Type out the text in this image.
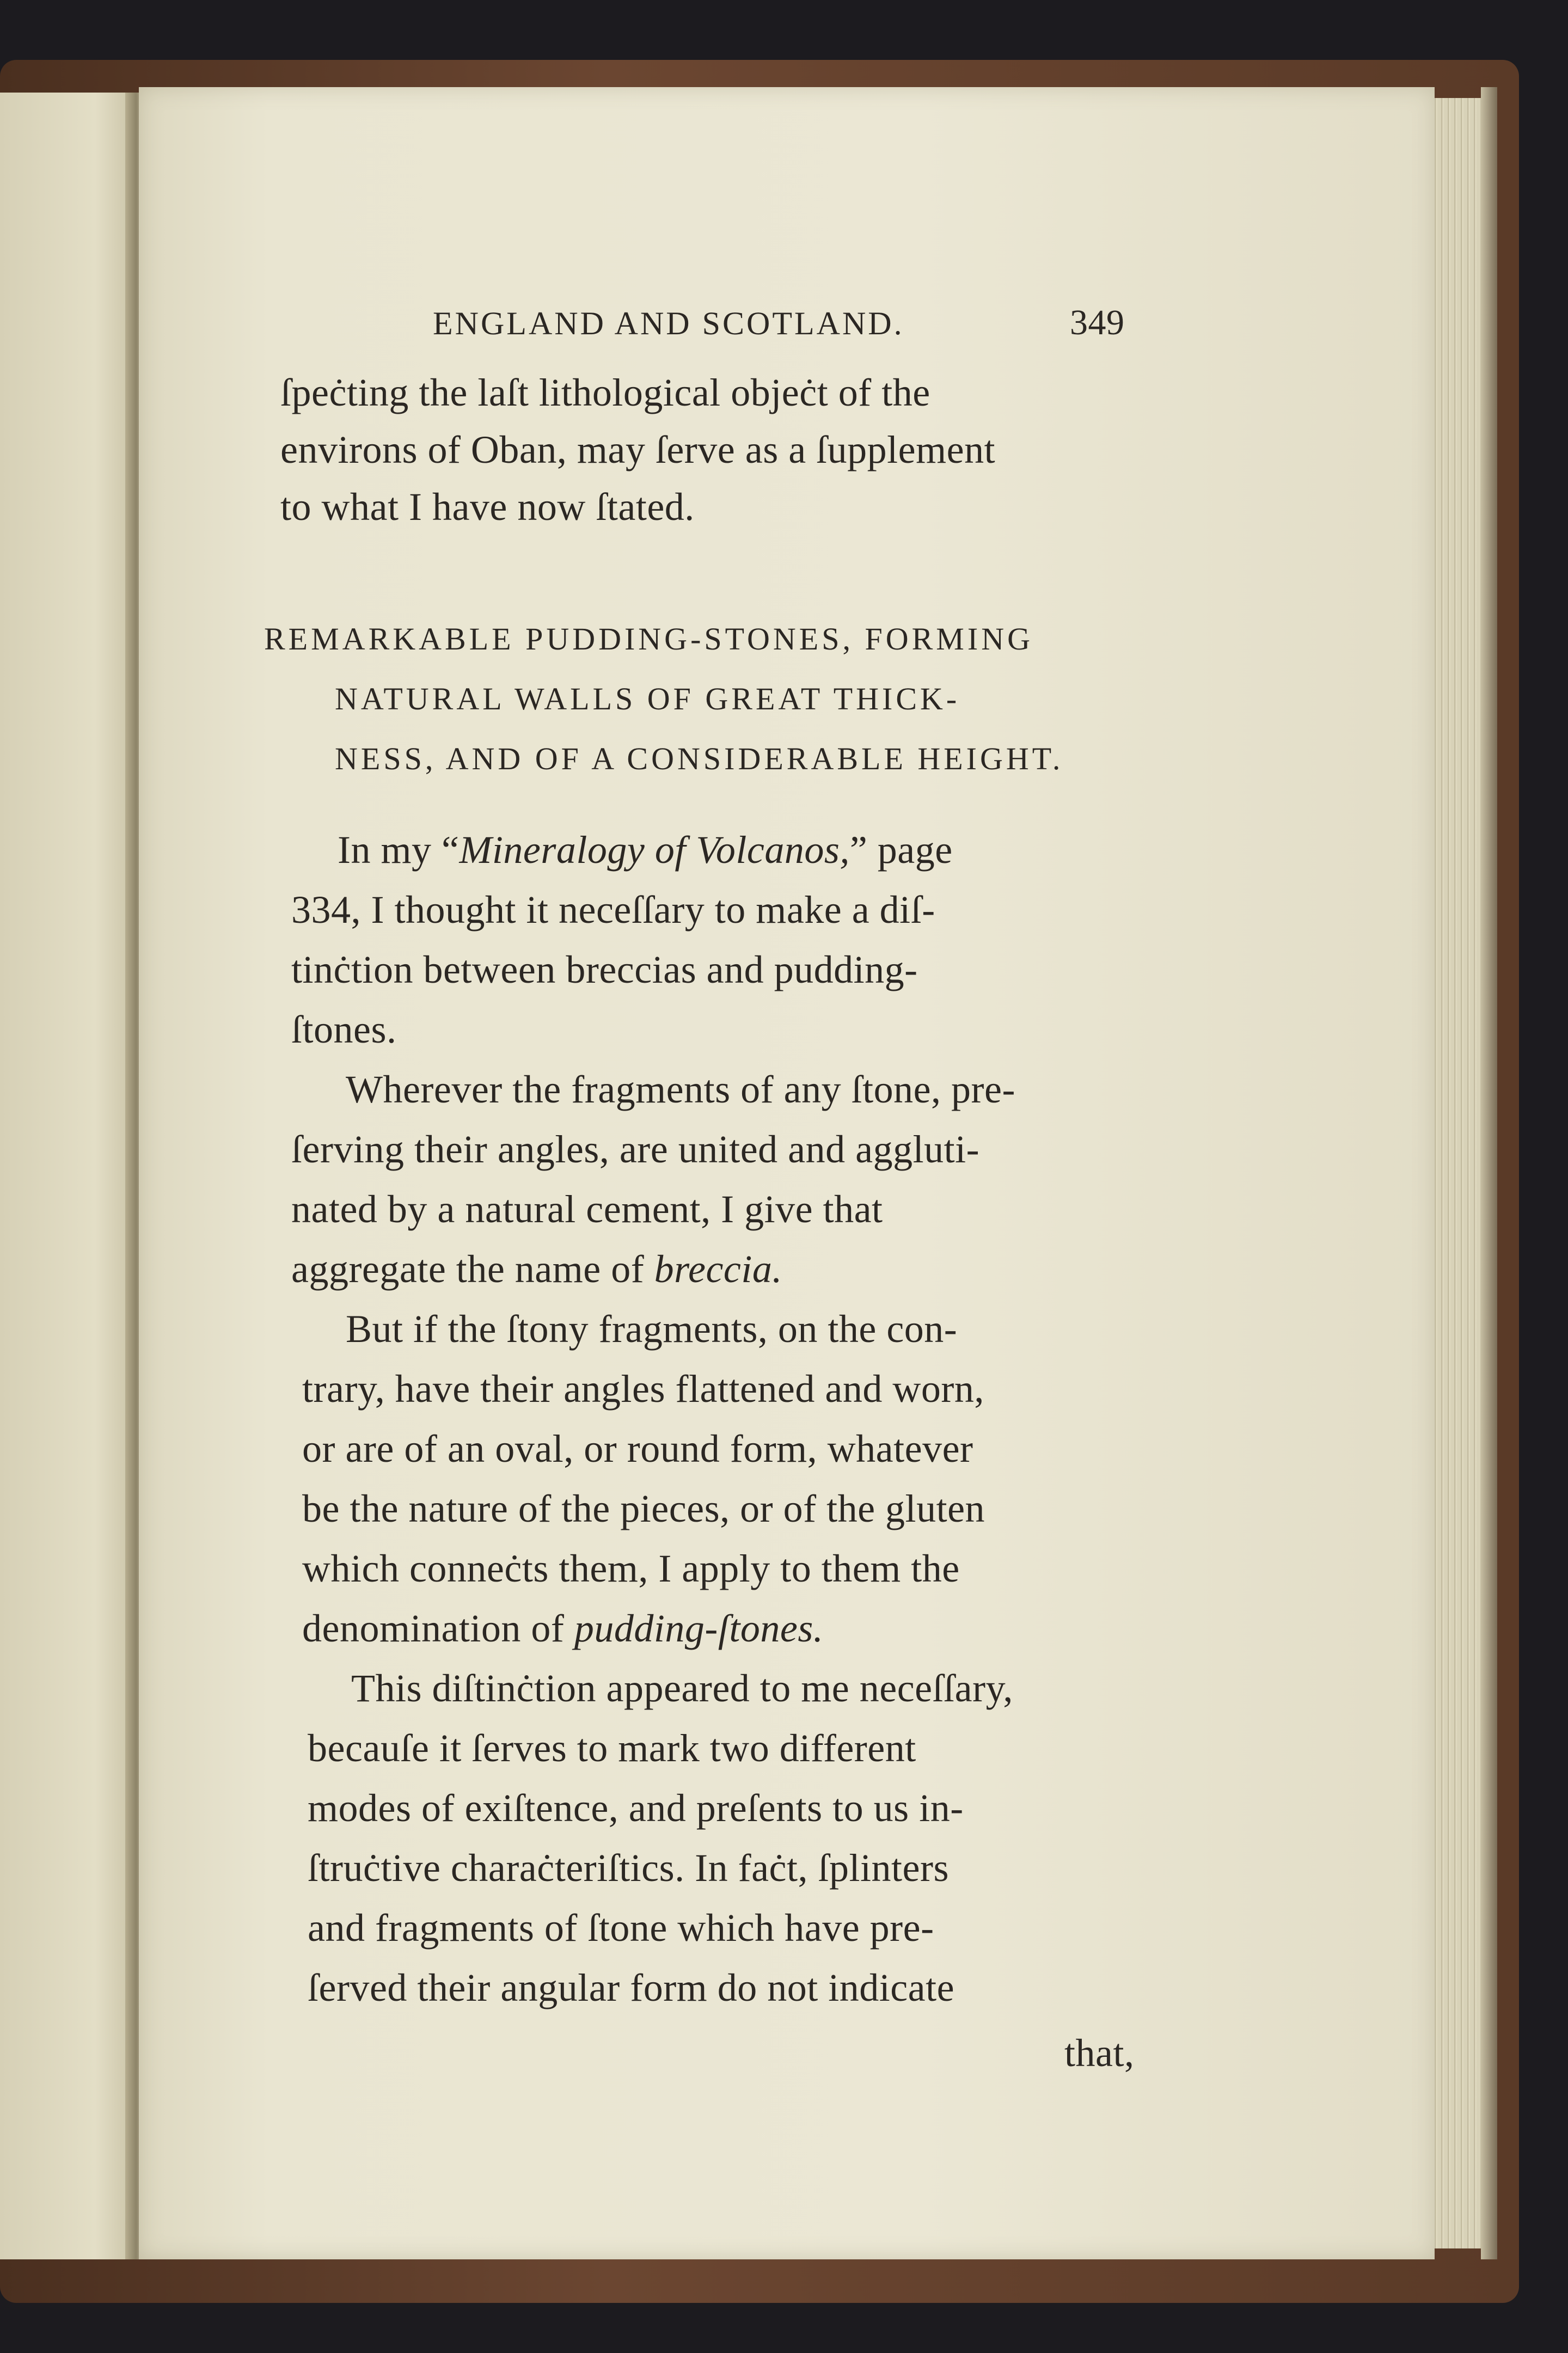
ENGLAND AND SCOTLAND.	349
ſpeċting the laſt lithological objeċt of the
environs of Oban, may ſerve as a ſupplement
to what I have now ſtated.
REMARKABLE PUDDING-STONES, FORMING
NATURAL WALLS OF GREAT THICK-
NESS, AND OF A CONSIDERABLE HEIGHT.
In my “Mineralogy of Volcanos,” page
334, I thought it neceſſary to make a diſ-
tinċtion between breccias and pudding-
ſtones.
Wherever the fragments of any ſtone, pre-
ſerving their angles, are united and aggluti-
nated by a natural cement, I give that
aggregate the name of breccia.
But if the ſtony fragments, on the con-
trary, have their angles flattened and worn,
or are of an oval, or round form, whatever
be the nature of the pieces, or of the gluten
which conneċts them, I apply to them the
denomination of pudding-ſtones.
This diſtinċtion appeared to me neceſſary,
becauſe it ſerves to mark two different
modes of exiſtence, and preſents to us in-
ſtruċtive charaċteriſtics. In faċt, ſplinters
and fragments of ſtone which have pre-
ſerved their angular form do not indicate
that,
